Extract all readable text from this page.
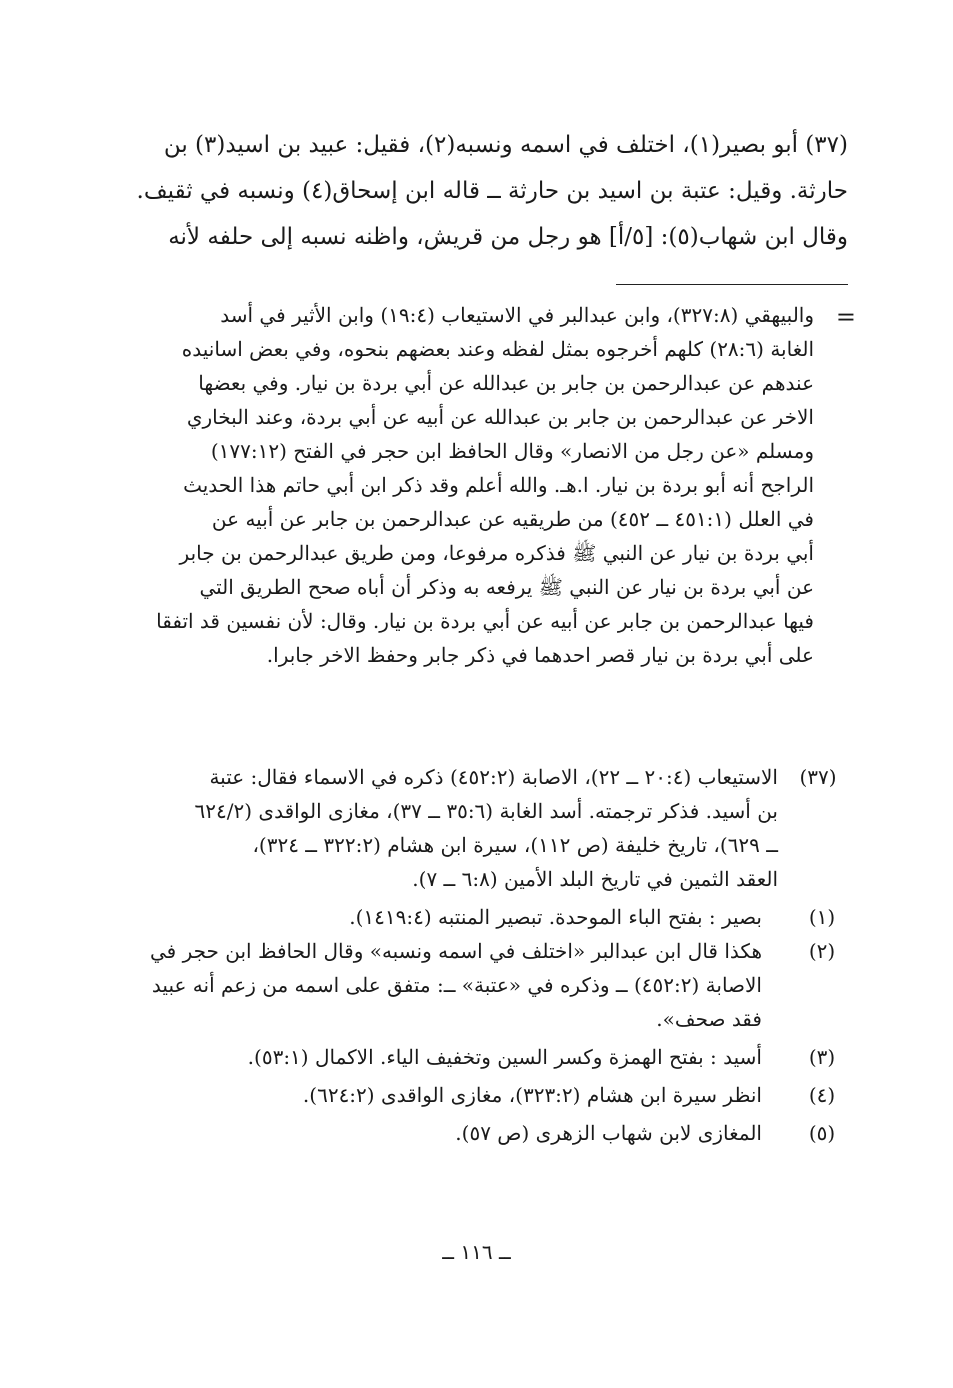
(٣٧) أبو بصير(١)، اختلف في اسمه ونسبه(٢)، فقيل: عبيد بن اسيد(٣) بن

حارثة. وقيل: عتبة بن اسيد بن حارثة ــ قاله ابن إسحاق(٤) ونسبه في ثقيف.

وقال ابن شهاب(٥): [٥/أ] هو رجل من قريش، واظنه نسبه إلى حلفه لأنه

=

والبيهقي (٣٢٧:٨)، وابن عبدالبر في الاستيعاب (١٩:٤) وابن الأثير في أسد

الغابة (٢٨:٦) كلهم أخرجوه بمثل لفظه وعند بعضهم بنحوه، وفي بعض اسانيده

عندهم عن عبدالرحمن بن جابر بن عبدالله عن أبي بردة بن نيار. وفي بعضها

الاخر عن عبدالرحمن بن جابر بن عبدالله عن أبيه عن أبي بردة، وعند البخاري

ومسلم «عن رجل من الانصار» وقال الحافظ ابن حجر في الفتح (١٧٧:١٢)

الراجح أنه أبو بردة بن نيار. ا.هـ. والله أعلم وقد ذكر ابن أبي حاتم هذا الحديث

في العلل (٤٥١:١ ــ ٤٥٢) من طريقيه عن عبدالرحمن بن جابر عن أبيه عن

أبي بردة بن نيار عن النبي ﷺ فذكره مرفوعا، ومن طريق عبدالرحمن بن جابر

عن أبي بردة بن نيار عن النبي ﷺ يرفعه به وذكر أن أباه صحح الطريق التي

فيها عبدالرحمن بن جابر عن أبيه عن أبي بردة بن نيار. وقال: لأن نفسين قد اتفقا

على أبي بردة بن نيار قصر احدهما في ذكر جابر وحفظ الاخر جابرا.

(٣٧)
الاستيعاب (٢٠:٤ ــ ٢٢)، الاصابة (٤٥٢:٢) ذكره في الاسماء فقال: عتبة
بن أسيد. فذكر ترجمته. أسد الغابة (٣٥:٦ ــ ٣٧)، مغازى الواقدى (٦٢٤/٢
ــ ٦٢٩)، تاريخ خليفة (ص ١١٢)، سيرة ابن هشام (٣٢٢:٢ ــ ٣٢٤)،
العقد الثمين في تاريخ البلد الأمين (٦:٨ ــ ٧).
(١)
بصير : بفتح الباء الموحدة. تبصير المنتبه (١٤١٩:٤).
(٢)
هكذا قال ابن عبدالبر «اختلف في اسمه ونسبه» وقال الحافظ ابن حجر في
الاصابة (٤٥٢:٢) ــ وذكره في «عتبة» ــ: متفق على اسمه من زعم أنه عبيد
فقد صحف».
(٣)
أسيد : بفتح الهمزة وكسر السين وتخفيف الياء. الاكمال (٥٣:١).
(٤)
انظر سيرة ابن هشام (٣٢٣:٢)، مغازى الواقدى (٦٢٤:٢).
(٥)
المغازى لابن شهاب الزهرى (ص ٥٧).
ــ ١١٦ ــ
